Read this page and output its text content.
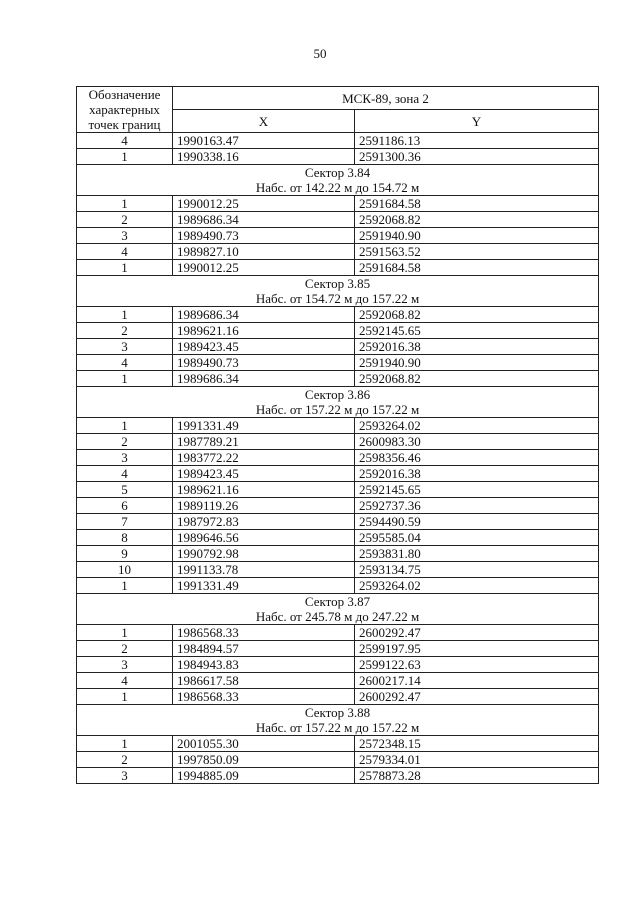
50
Обозначение характерных точек границ	МСК-89, зона 2	
	X	Y
4	1990163.47	2591186.13
1	1990338.16	2591300.36

Сектор 3.84
Набс. от 142.22 м до 154.72 м		

1	1990012.25	2591684.58
2	1989686.34	2592068.82
3	1989490.73	2591940.90
4	1989827.10	2591563.52
1	1990012.25	2591684.58

Сектор 3.85
Набс. от 154.72 м до 157.22 м		

1	1989686.34	2592068.82
2	1989621.16	2592145.65
3	1989423.45	2592016.38
4	1989490.73	2591940.90
1	1989686.34	2592068.82

Сектор 3.86
Набс. от 157.22 м до 157.22 м		

1	1991331.49	2593264.02
2	1987789.21	2600983.30
3	1983772.22	2598356.46
4	1989423.45	2592016.38
5	1989621.16	2592145.65
6	1989119.26	2592737.36
7	1987972.83	2594490.59
8	1989646.56	2595585.04
9	1990792.98	2593831.80
10	1991133.78	2593134.75
1	1991331.49	2593264.02

Сектор 3.87
Набс. от 245.78 м до 247.22 м		

1	1986568.33	2600292.47
2	1984894.57	2599197.95
3	1984943.83	2599122.63
4	1986617.58	2600217.14
1	1986568.33	2600292.47

Сектор 3.88
Набс. от 157.22 м до 157.22 м		

1	2001055.30	2572348.15
2	1997850.09	2579334.01
3	1994885.09	2578873.28
